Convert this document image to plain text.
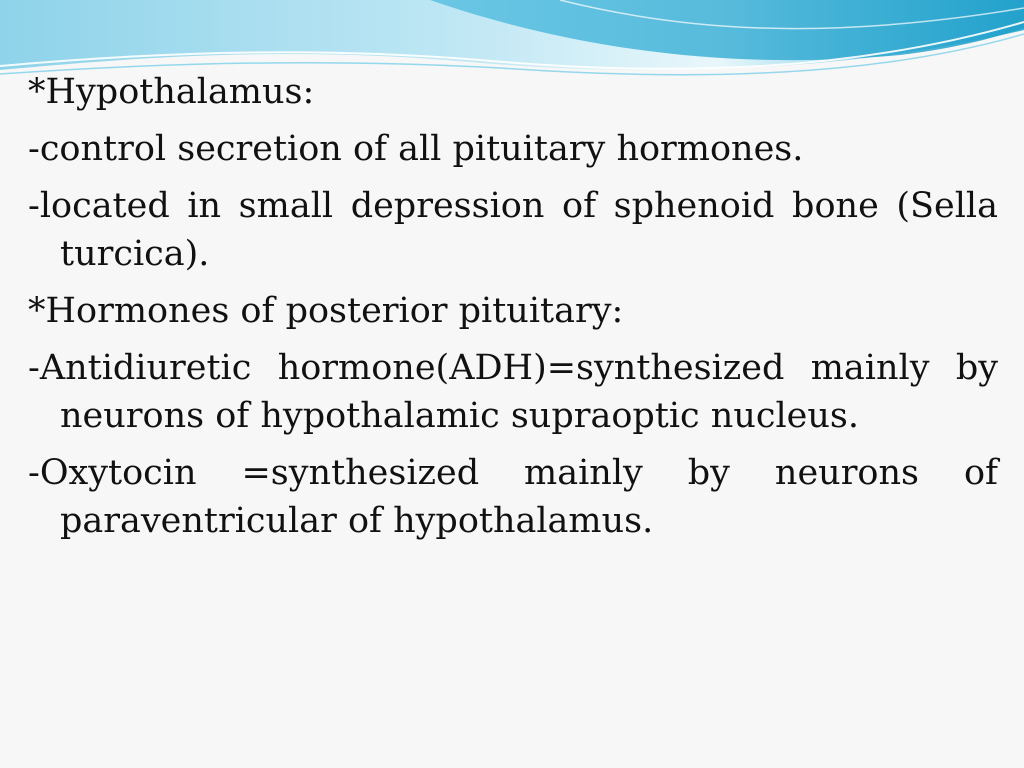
*Hypothalamus:

-control secretion of all pituitary hormones.

-located in small depression of sphenoid bone (Sella turcica).

*Hormones of posterior pituitary:

-Antidiuretic hormone(ADH)=synthesized mainly by neurons of hypothalamic supraoptic nucleus.

-Oxytocin =synthesized mainly by neurons of paraventricular of hypothalamus.
